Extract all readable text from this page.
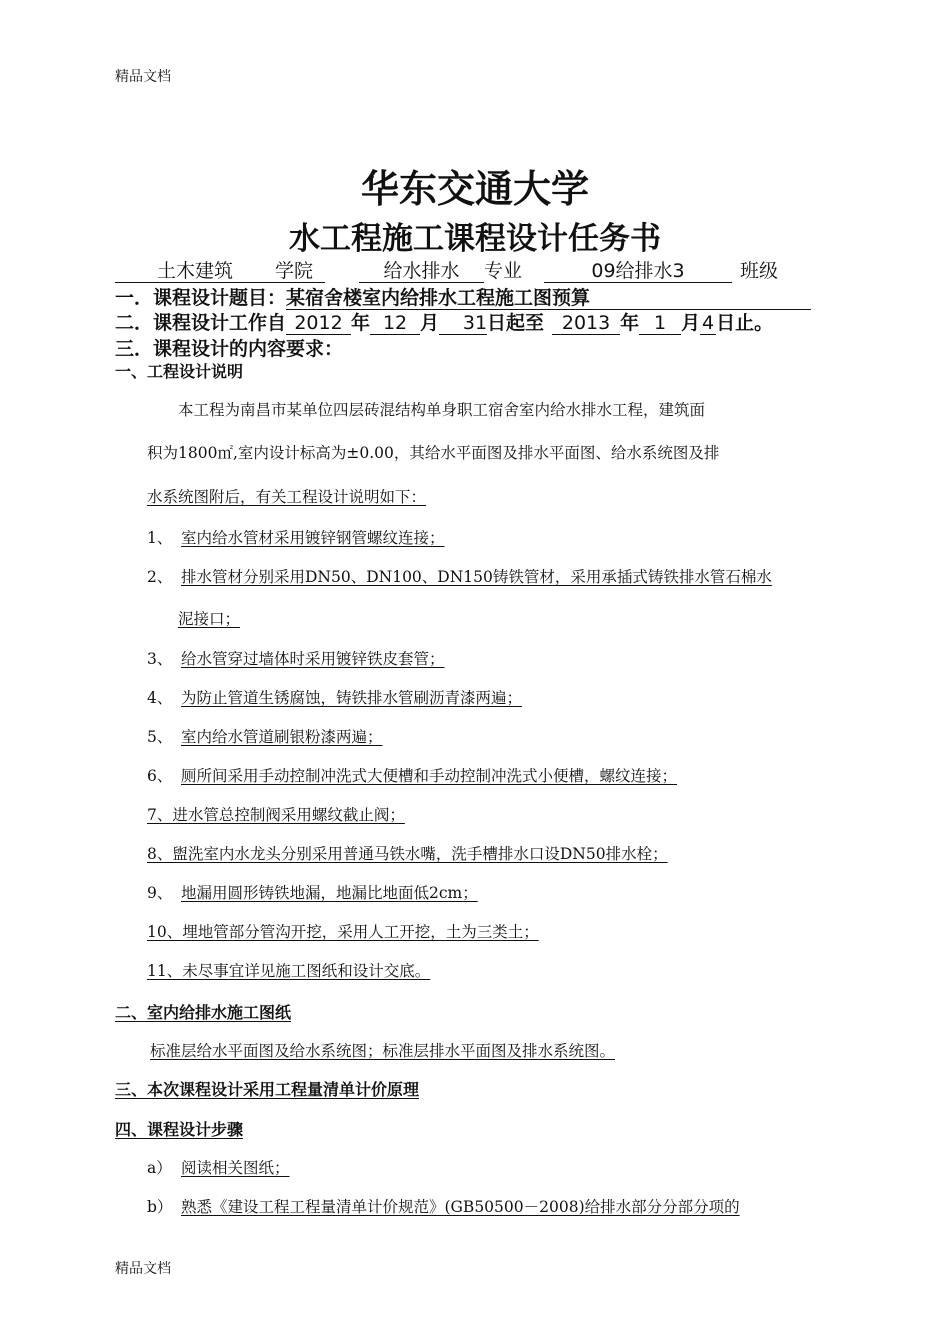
精品文档
精品文档
华东交通大学
水工程施工课程设计任务书
土木建筑 学院	给水排水 专业	09给排水3	班级
一．课程设计题目：某宿舍楼室内给排水工程施工图预算
二．课程设计工作自 2012 年 12 月 31日起至 2013 年 1 月 4 日止。
三．课程设计的内容要求：
一、工程设计说明
本工程为南昌市某单位四层砖混结构单身职工宿舍室内给水排水工程，建筑面
积为1800㎡,室内设计标高为±0.00，其给水平面图及排水平面图、给水系统图及排
水系统图附后，有关工程设计说明如下：
1、 室内给水管材采用镀锌钢管螺纹连接；
2、 排水管材分别采用DN50、DN100、DN150铸铁管材，采用承插式铸铁排水管石棉水
泥接口；
3、 给水管穿过墙体时采用镀锌铁皮套管；
4、 为防止管道生锈腐蚀，铸铁排水管刷沥青漆两遍；
5、 室内给水管道刷银粉漆两遍；
6、 厕所间采用手动控制冲洗式大便槽和手动控制冲洗式小便槽，螺纹连接；
7、进水管总控制阀采用螺纹截止阀；
8、盥洗室内水龙头分别采用普通马铁水嘴，洗手槽排水口设DN50排水栓；
9、 地漏用圆形铸铁地漏，地漏比地面低2cm；
10、埋地管部分管沟开挖，采用人工开挖，土为三类土；
11、未尽事宜详见施工图纸和设计交底。
二、室内给排水施工图纸
标准层给水平面图及给水系统图；标准层排水平面图及排水系统图。
三、本次课程设计采用工程量清单计价原理
四、课程设计步骤
a） 阅读相关图纸；
b） 熟悉《建设工程工程量清单计价规范》(GB50500－2008)给排水部分分部分项的
